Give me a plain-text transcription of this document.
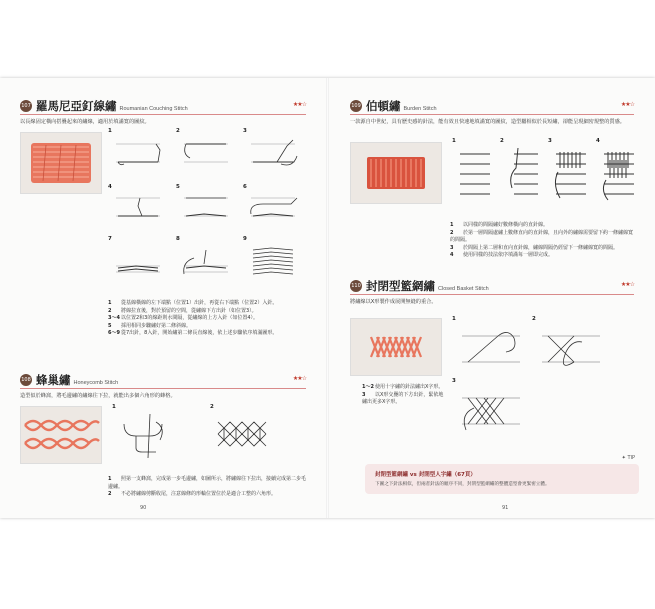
107 羅馬尼亞釘線繡 Roumanian Couching Stitch
★★☆
以長線固定橫向搭疊起來的繡線，適用於填滿寬的圖紋。
1	2	3
4	5	6
7	8	9
1 從基線橫線的左下端點（位置1）出針，再從右下端點（位置2）入針。
2 將線拉直後，對於預留的空間，從繡線下方出針（如位置3）。
3〜4以位置2和3的線距則水間隔，從繡線的上方入針（如位置4）。
5 採用相同步驟繡好第二條斜線。
6〜9從7出針，8入針，開始繡第二條長直線後，依上述步驟依序填滿圖形。
108 蜂巢繡 Honeycomb Stitch
★★☆
造型似於蜂窩，將毛邊繡的繡線往下拉，就能出多個六角形的蜂格。
1	2
1 照第一支蜂窩，完成第一步毛邊繡，如圖所示，將繡線往下拉出，接續完成第二步毛邊繡。
2 不必將繡線剪斷收尾，注意線條的形輪位置位於是適合工整的六角形。
90
109 伯頓繡 Burden Stitch
★★☆
一款源自中世紀，具有歷史感的針法，能有效且快速地填滿寬的圖紋，造型屬相似於長短繡，卻能呈現細密規整的質感。
1	2	3	4
1 以同樣的間隔繡好數條橫向的直針線。
2 於第一層間隔處繡上數條直向的直針線，且向外的繡線需要留下約一條繡線寬的間隔。
3 於間隔上第二層和直向直針線，繡線間隔仍經留下一條繡線寬的間隔。
4 使用同樣的技法依序填滿每一層即完成。
110 封閉型籃網繡 Closed Basket Stitch
★★☆
將繡線以X形製作成展開無縫的重合。
1	2
3
1〜2使用十字繡的針法繡出X字形。
3 以X形交疊的下方出針，緊依地繡出更多X字形。
✦ TIP
封閉型籃網繡 vs 封閉型人字繡（67頁）
下圖之下針法相似，但兩者針法的順序不同，封閉型籃網繡的整體造型會更緊密立體。
91
